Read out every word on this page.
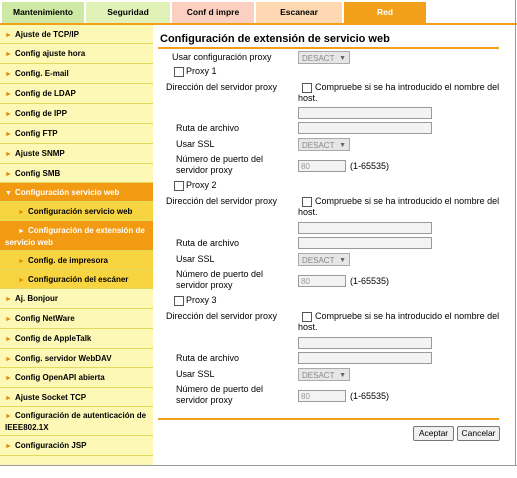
Mantenimiento	Seguridad	Conf d impre	Escanear	Red
► Ajuste de TCP/IP
► Config ajuste hora
► Config. E-mail
► Config de LDAP
► Config de IPP
► Config FTP
► Ajuste SNMP
► Config SMB
▼ Configuración servicio web
► Configuración servicio web
► Configuración de extensión de servicio web
► Config. de impresora
► Configuración del escáner
► Aj. Bonjour
► Config NetWare
► Config de AppleTalk
► Config. servidor WebDAV
► Config OpenAPI abierta
► Ajuste Socket TCP
► Configuración de autenticación de IEEE802.1X
► Configuración JSP
Configuración de extensión de servicio web
Usar configuración proxy	DESACT ▼
Proxy 1
Dirección del servidor proxy	Compruebe si se ha introducido el nombre del host.
Ruta de archivo
Usar SSL	DESACT ▼
Número de puerto del servidor proxy	80	(1-65535)
Proxy 2
Dirección del servidor proxy	Compruebe si se ha introducido el nombre del host.
Ruta de archivo
Usar SSL	DESACT ▼
Número de puerto del servidor proxy	80	(1-65535)
Proxy 3
Dirección del servidor proxy	Compruebe si se ha introducido el nombre del host.
Ruta de archivo
Usar SSL	DESACT ▼
Número de puerto del servidor proxy	80	(1-65535)
Aceptar	Cancelar
